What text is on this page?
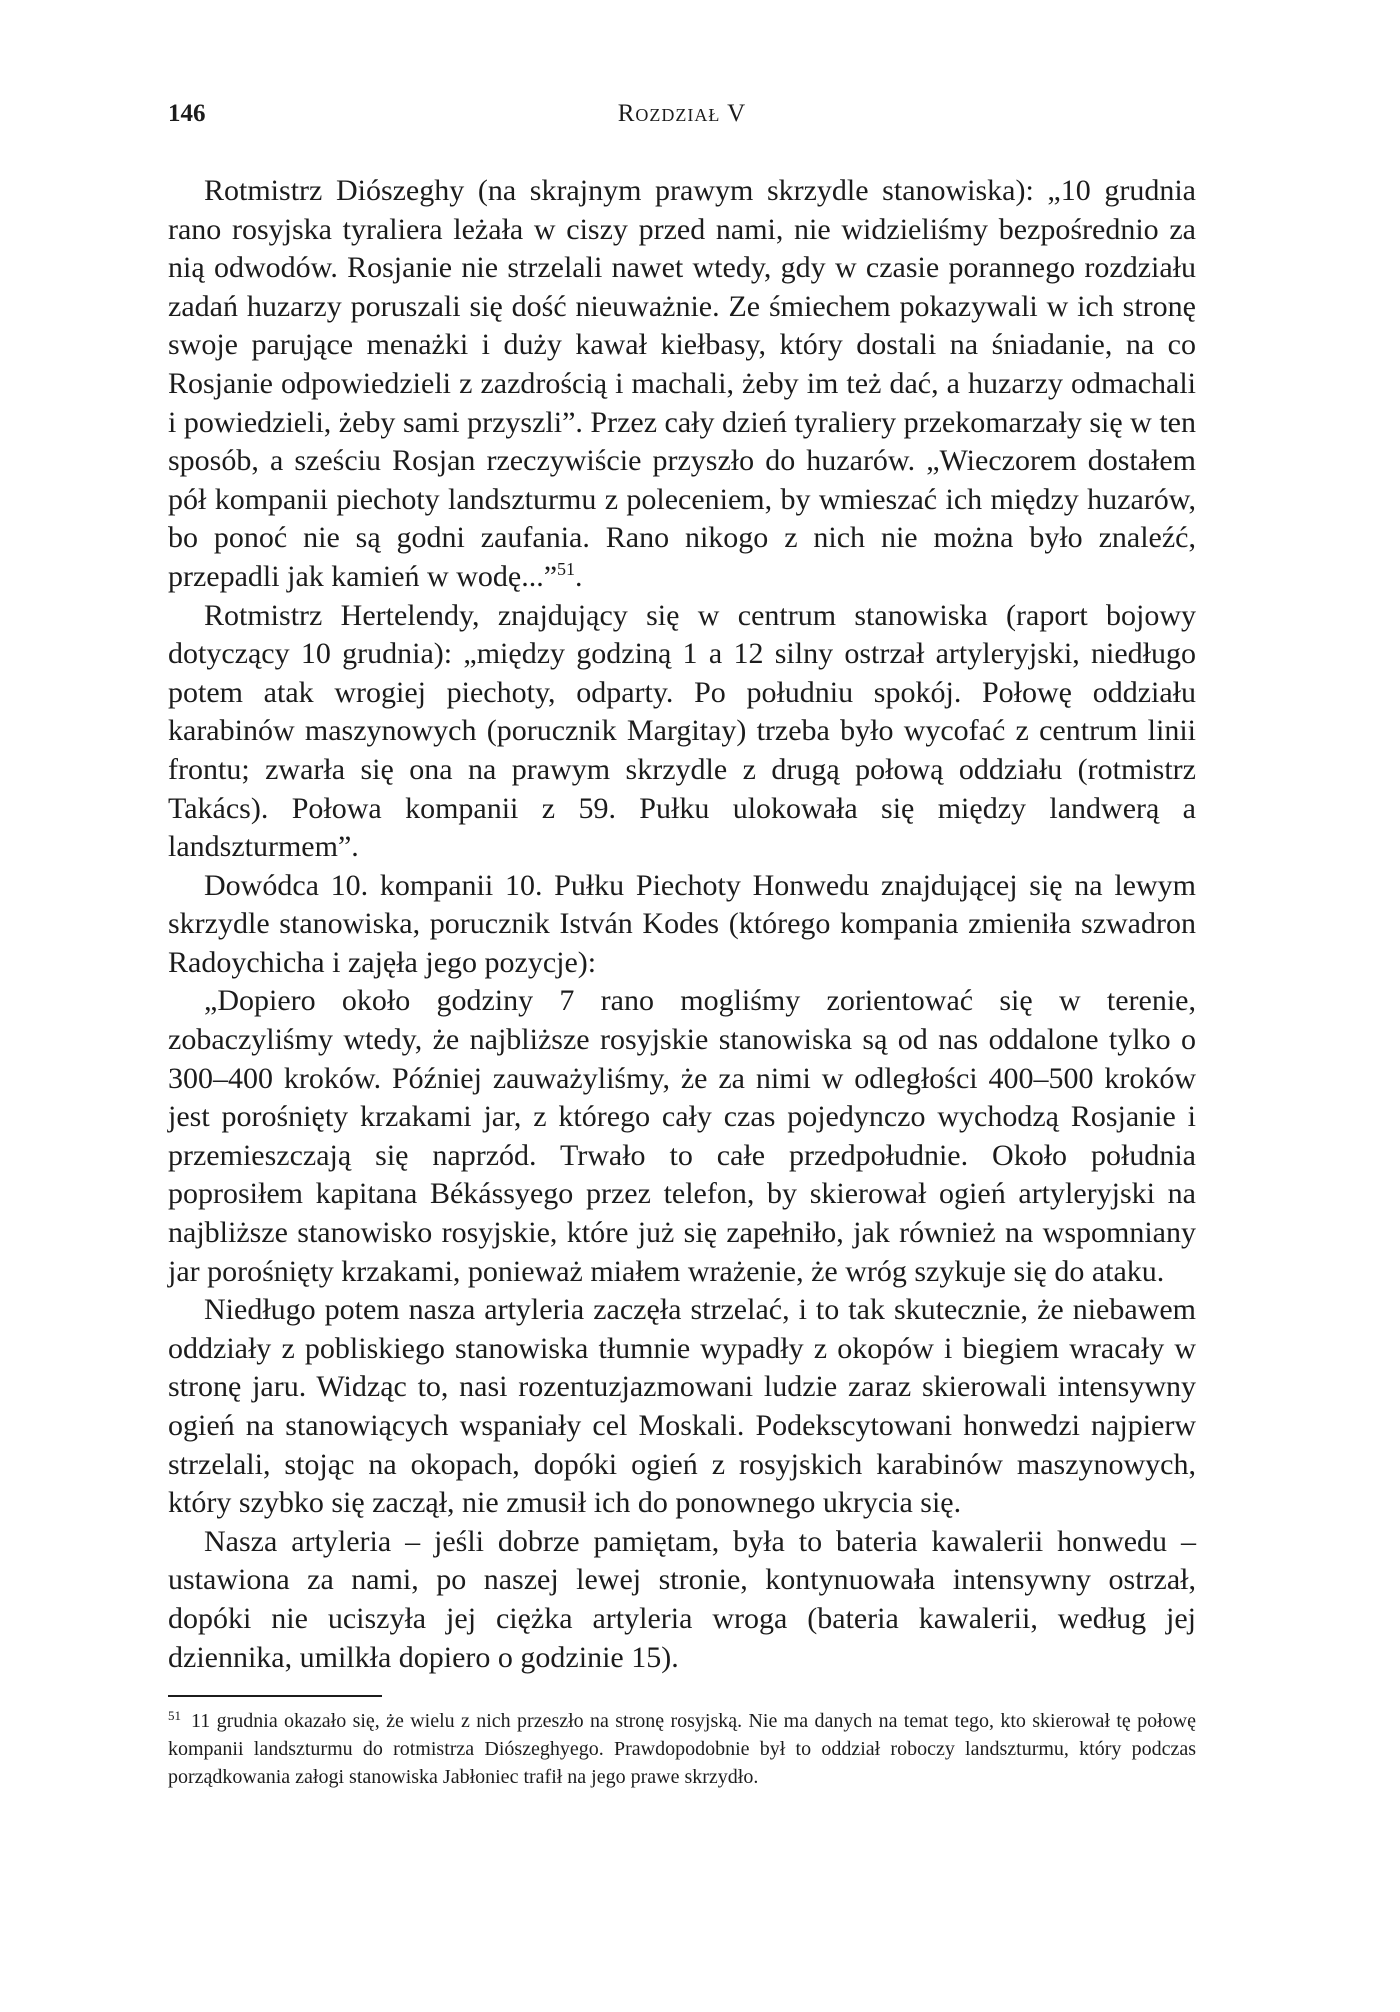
146	Rozdział V

Rotmistrz Diószeghy (na skrajnym prawym skrzydle stanowiska): „10 grudnia rano rosyjska tyraliera leżała w ciszy przed nami, nie widzieliśmy bezpośrednio za nią odwodów. Rosjanie nie strzelali nawet wtedy, gdy w czasie porannego rozdziału zadań huzarzy poruszali się dość nieuważnie. Ze śmiechem pokazywali w ich stronę swoje parujące menażki i duży kawał kiełbasy, który dostali na śniadanie, na co Rosjanie odpowiedzieli z zazdrością i machali, żeby im też dać, a huzarzy odmachali i powiedzieli, żeby sami przyszli”. Przez cały dzień tyraliery przekomarzały się w ten sposób, a sześciu Rosjan rzeczywiście przyszło do huzarów. „Wieczorem dostałem pół kompanii piechoty landszturmu z poleceniem, by wmieszać ich między huzarów, bo ponoć nie są godni zaufania. Rano nikogo z nich nie można było znaleźć, przepadli jak kamień w wodę...”$^{51}$.

Rotmistrz Hertelendy, znajdujący się w centrum stanowiska (raport bojowy dotyczący 10 grudnia): „między godziną 1 a 12 silny ostrzał artyleryjski, niedługo potem atak wrogiej piechoty, odparty. Po południu spokój. Połowę oddziału karabinów maszynowych (porucznik Margitay) trzeba było wycofać z centrum linii frontu; zwarła się ona na prawym skrzydle z drugą połową oddziału (rotmistrz Takács). Połowa kompanii z 59. Pułku ulokowała się między landwerą a landszturmem”.

Dowódca 10. kompanii 10. Pułku Piechoty Honwedu znajdującej się na lewym skrzydle stanowiska, porucznik István Kodes (którego kompania zmieniła szwadron Radoychicha i zajęła jego pozycje):

„Dopiero około godziny 7 rano mogliśmy zorientować się w terenie, zobaczyliśmy wtedy, że najbliższe rosyjskie stanowiska są od nas oddalone tylko o 300–400 kroków. Później zauważyliśmy, że za nimi w odległości 400–500 kroków jest porośnięty krzakami jar, z którego cały czas pojedynczo wychodzą Rosjanie i przemieszczają się naprzód. Trwało to całe przedpołudnie. Około południa poprosiłem kapitana Békássyego przez telefon, by skierował ogień artyleryjski na najbliższe stanowisko rosyjskie, które już się zapełniło, jak również na wspomniany jar porośnięty krzakami, ponieważ miałem wrażenie, że wróg szykuje się do ataku.

Niedługo potem nasza artyleria zaczęła strzelać, i to tak skutecznie, że niebawem oddziały z pobliskiego stanowiska tłumnie wypadły z okopów i biegiem wracały w stronę jaru. Widząc to, nasi rozentuzjazmowani ludzie zaraz skierowali intensywny ogień na stanowiących wspaniały cel Moskali. Podekscytowani honwedzi najpierw strzelali, stojąc na okopach, dopóki ogień z rosyjskich karabinów maszynowych, który szybko się zaczął, nie zmusił ich do ponownego ukrycia się.

Nasza artyleria – jeśli dobrze pamiętam, była to bateria kawalerii honwedu – ustawiona za nami, po naszej lewej stronie, kontynuowała intensywny ostrzał, dopóki nie uciszyła jej ciężka artyleria wroga (bateria kawalerii, według jej dziennika, umilkła dopiero o godzinie 15).

$^{51}$ 11 grudnia okazało się, że wielu z nich przeszło na stronę rosyjską. Nie ma danych na temat tego, kto skierował tę połowę kompanii landszturmu do rotmistrza Diószeghyego. Prawdopodobnie był to oddział roboczy landszturmu, który podczas porządkowania załogi stanowiska Jabłoniec trafił na jego prawe skrzydło.
